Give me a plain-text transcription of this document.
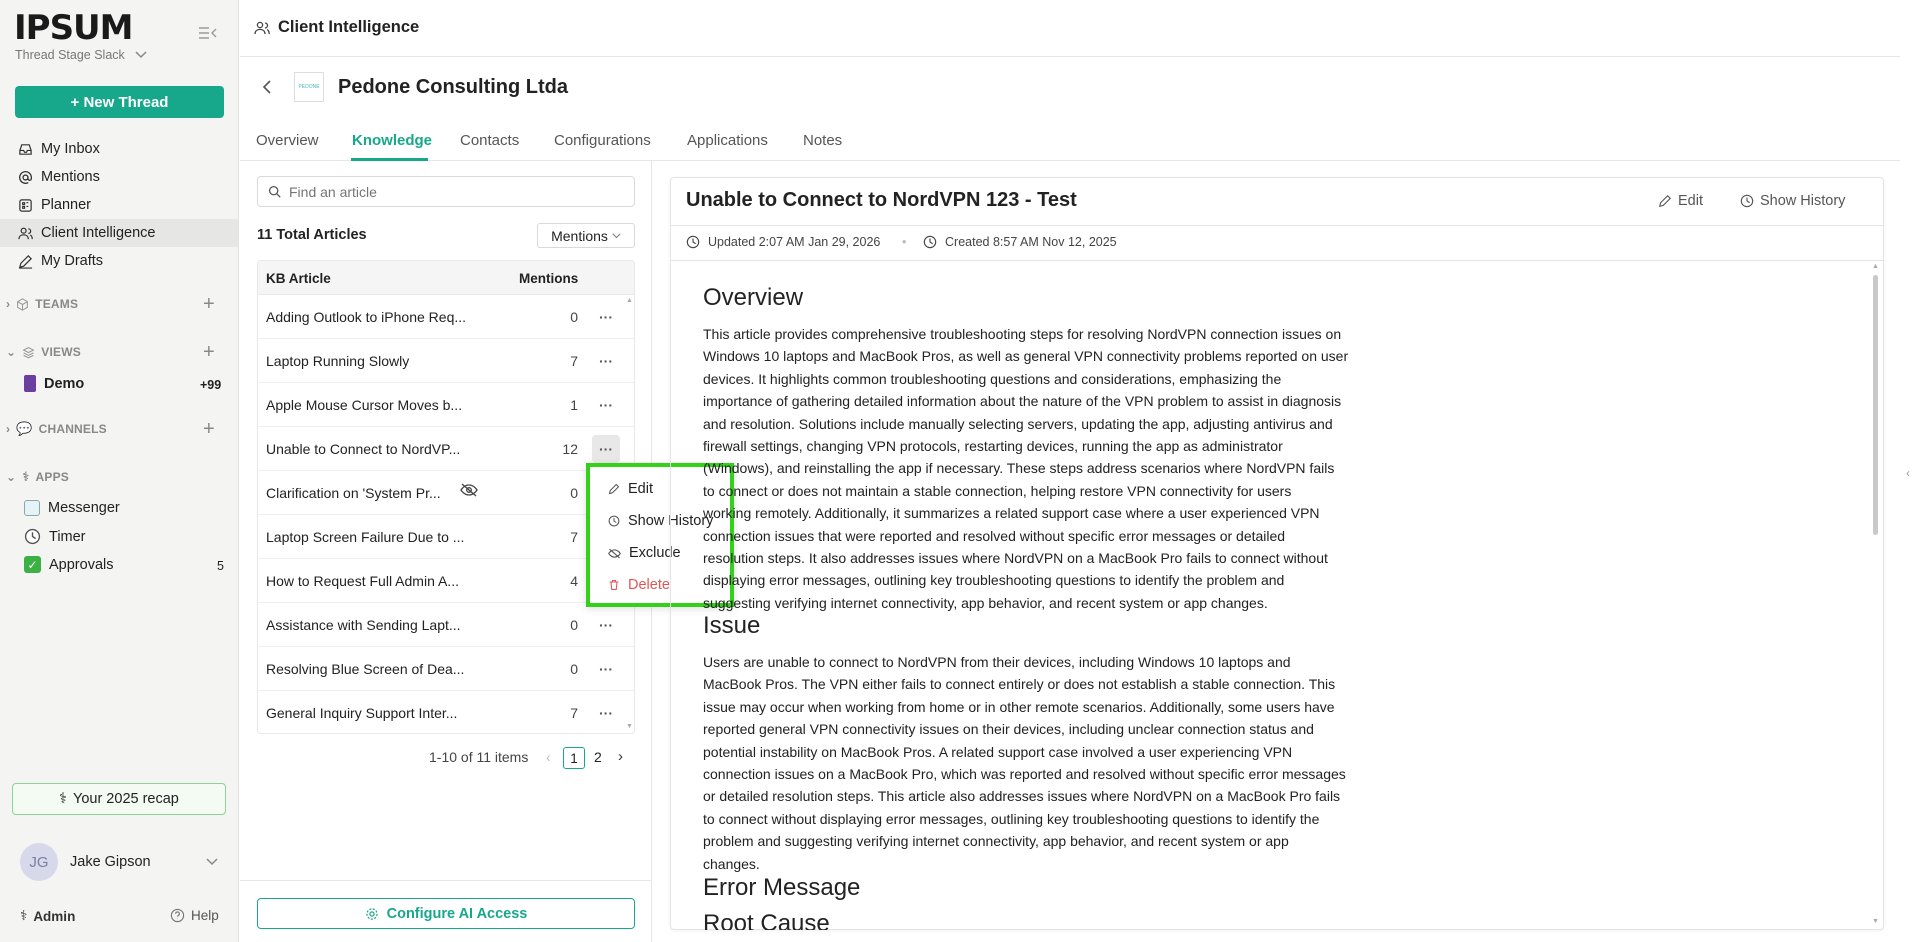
IPSUM
Thread Stage Slack
+ New Thread
My Inbox
Mentions
Planner
Client Intelligence
My Drafts
› TEAMS	+
⌄ VIEWS	+
Demo	+99
› 💬 CHANNELS	+
⌄ ⚕ APPS
Messenger
Timer
✓ Approvals	5
⚕ Your 2025 recap
JG	Jake Gipson
⚕ Admin	Help
Client Intelligence
PEDONE Pedone Consulting Ltda
Overview Knowledge Contacts Configurations Applications Notes
Find an article
11 Total Articles	Mentions
KB Article	Mentions
Adding Outlook to iPhone Req...	0	···
Laptop Running Slowly	7	···
Apple Mouse Cursor Moves b...	1	···
Unable to Connect to NordVP...	12	···
Clarification on 'System Pr...	0
Laptop Screen Failure Due to ...	7
How to Request Full Admin A...	4
Assistance with Sending Lapt...	0	···
Resolving Blue Screen of Dea...	0	···
General Inquiry Support Inter...	7	···
▲
▼
1-10 of 11 items ‹	1	2 ›
Configure AI Access
Edit
Show History
Exclude
Delete
Unable to Connect to NordVPN 123 - Test	Edit	Show History
Updated 2:07 AM Jan 29, 2026 •	Created 8:57 AM Nov 12, 2025
Overview
This article provides comprehensive troubleshooting steps for resolving NordVPN connection issues on
Windows 10 laptops and MacBook Pros, as well as general VPN connectivity problems reported on user
devices. It highlights common troubleshooting questions and considerations, emphasizing the
importance of gathering detailed information about the nature of the VPN problem to assist in diagnosis
and resolution. Solutions include manually selecting servers, updating the app, adjusting antivirus and
firewall settings, changing VPN protocols, restarting devices, running the app as administrator
(Windows), and reinstalling the app if necessary. These steps address scenarios where NordVPN fails
to connect or does not maintain a stable connection, helping restore VPN connectivity for users
working remotely. Additionally, it summarizes a related support case where a user experienced VPN
connection issues that were reported and resolved without specific error messages or detailed
resolution steps. It also addresses issues where NordVPN on a MacBook Pro fails to connect without
displaying error messages, outlining key troubleshooting questions to identify the problem and
suggesting verifying internet connectivity, app behavior, and recent system or app changes.
Issue
Users are unable to connect to NordVPN from their devices, including Windows 10 laptops and
MacBook Pros. The VPN either fails to connect entirely or does not establish a stable connection. This
issue may occur when working from home or in other remote scenarios. Additionally, some users have
reported general VPN connectivity issues on their devices, including unclear connection status and
potential instability on MacBook Pros. A related support case involved a user experiencing VPN
connection issues on a MacBook Pro, which was reported and resolved without specific error messages
or detailed resolution steps. This article also addresses issues where NordVPN on a MacBook Pro fails
to connect without displaying error messages, outlining key troubleshooting questions to identify the
problem and suggesting verifying internet connectivity, app behavior, and recent system or app
changes.
Error Message
Root Cause
▲
▼
‹
